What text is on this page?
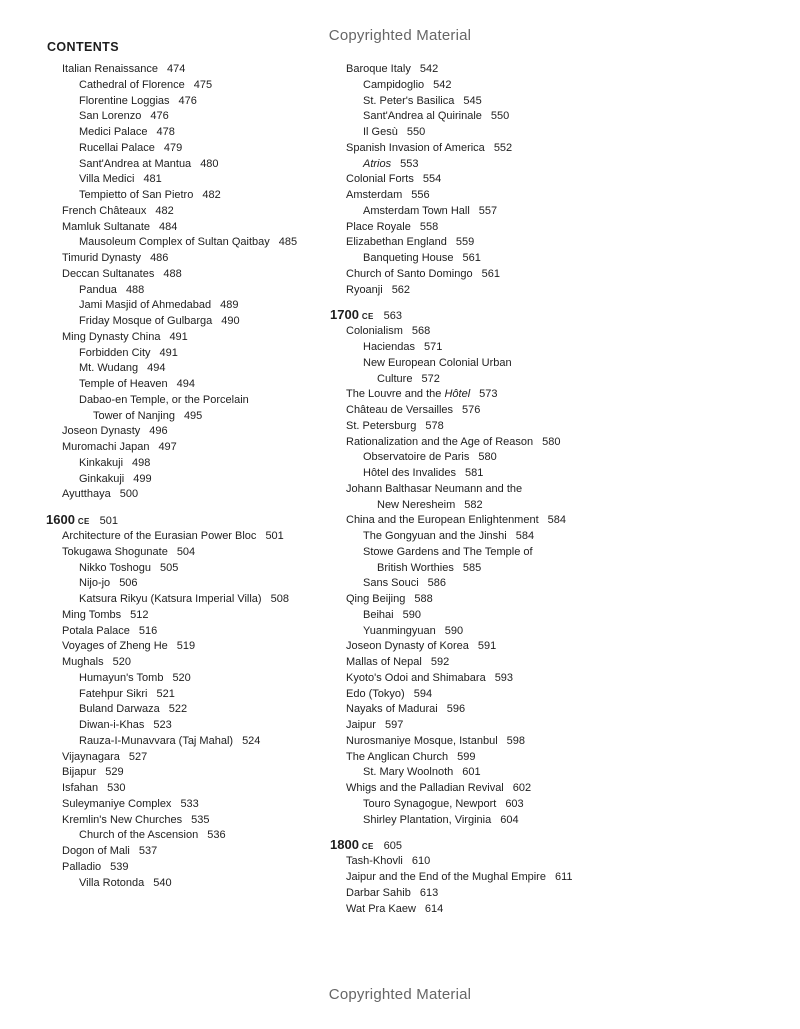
Copyrighted Material
CONTENTS
Italian Renaissance 474
Cathedral of Florence 475
Florentine Loggias 476
San Lorenzo 476
Medici Palace 478
Rucellai Palace 479
Sant'Andrea at Mantua 480
Villa Medici 481
Tempietto of San Pietro 482
French Châteaux 482
Mamluk Sultanate 484
Mausoleum Complex of Sultan Qaitbay 485
Timurid Dynasty 486
Deccan Sultanates 488
Pandua 488
Jami Masjid of Ahmedabad 489
Friday Mosque of Gulbarga 490
Ming Dynasty China 491
Forbidden City 491
Mt. Wudang 494
Temple of Heaven 494
Dabao-en Temple, or the Porcelain
Tower of Nanjing 495
Joseon Dynasty 496
Muromachi Japan 497
Kinkakuji 498
Ginkakuji 499
Ayutthaya 500
1600 CE 501
Architecture of the Eurasian Power Bloc 501
Tokugawa Shogunate 504
Nikko Toshogu 505
Nijo-jo 506
Katsura Rikyu (Katsura Imperial Villa) 508
Ming Tombs 512
Potala Palace 516
Voyages of Zheng He 519
Mughals 520
Humayun's Tomb 520
Fatehpur Sikri 521
Buland Darwaza 522
Diwan-i-Khas 523
Rauza-I-Munavvara (Taj Mahal) 524
Vijaynagara 527
Bijapur 529
Isfahan 530
Suleymaniye Complex 533
Kremlin's New Churches 535
Church of the Ascension 536
Dogon of Mali 537
Palladio 539
Villa Rotonda 540
Baroque Italy 542
Campidoglio 542
St. Peter's Basilica 545
Sant'Andrea al Quirinale 550
Il Gesù 550
Spanish Invasion of America 552
Atrios 553
Colonial Forts 554
Amsterdam 556
Amsterdam Town Hall 557
Place Royale 558
Elizabethan England 559
Banqueting House 561
Church of Santo Domingo 561
Ryoanji 562
1700 CE 563
Colonialism 568
Haciendas 571
New European Colonial Urban
Culture 572
The Louvre and the Hôtel 573
Château de Versailles 576
St. Petersburg 578
Rationalization and the Age of Reason 580
Observatoire de Paris 580
Hôtel des Invalides 581
Johann Balthasar Neumann and the
New Neresheim 582
China and the European Enlightenment 584
The Gongyuan and the Jinshi 584
Stowe Gardens and The Temple of
British Worthies 585
Sans Souci 586
Qing Beijing 588
Beihai 590
Yuanmingyuan 590
Joseon Dynasty of Korea 591
Mallas of Nepal 592
Kyoto's Odoi and Shimabara 593
Edo (Tokyo) 594
Nayaks of Madurai 596
Jaipur 597
Nurosmaniye Mosque, Istanbul 598
The Anglican Church 599
St. Mary Woolnoth 601
Whigs and the Palladian Revival 602
Touro Synagogue, Newport 603
Shirley Plantation, Virginia 604
1800 CE 605
Tash-Khovli 610
Jaipur and the End of the Mughal Empire 611
Darbar Sahib 613
Wat Pra Kaew 614
Copyrighted Material
